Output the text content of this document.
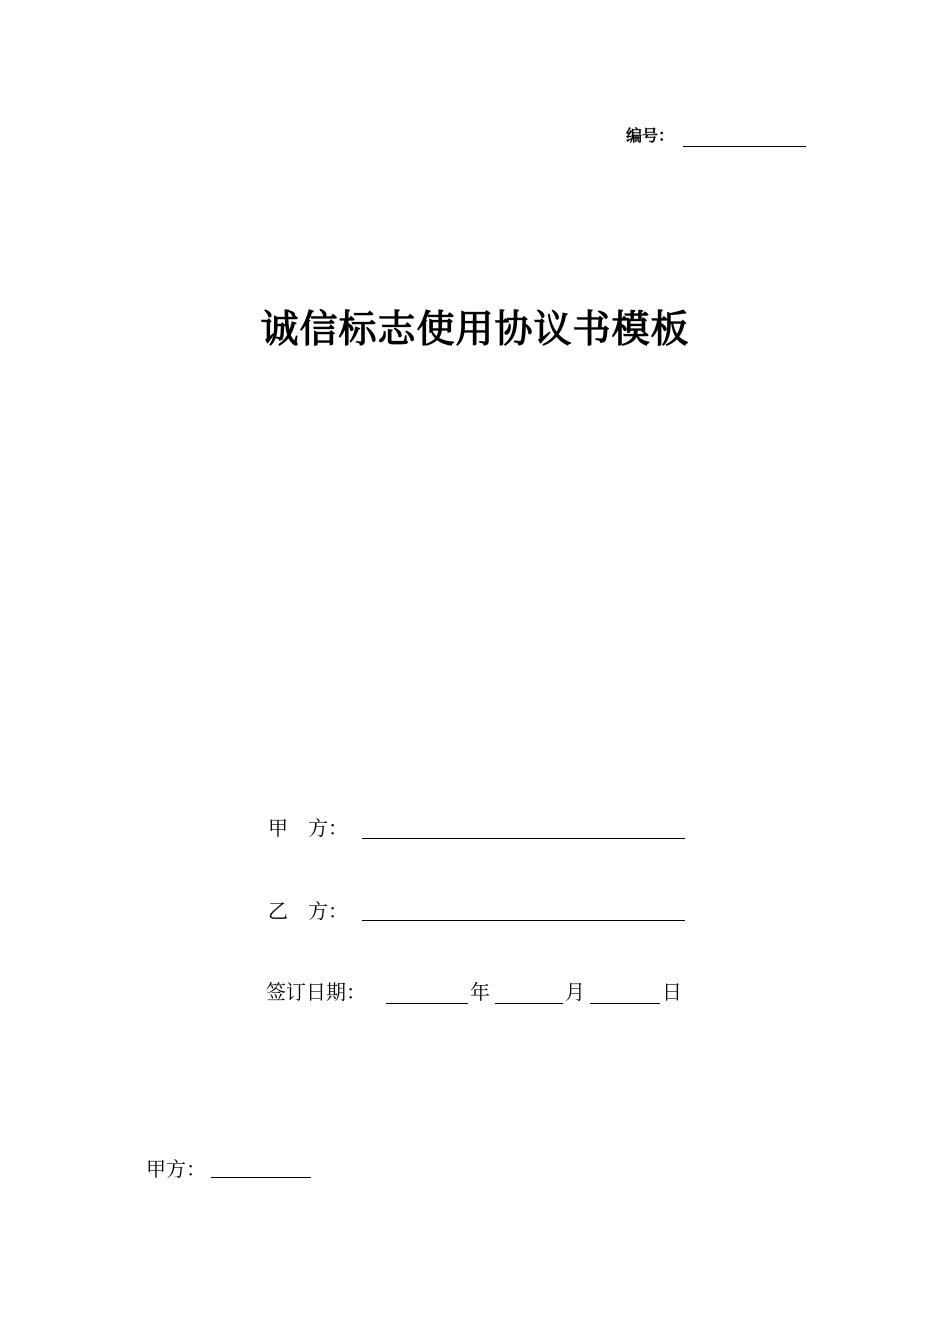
编号：
诚信标志使用协议书模板
甲　方：
乙　方：
签订日期：	年	月	日
甲方：
